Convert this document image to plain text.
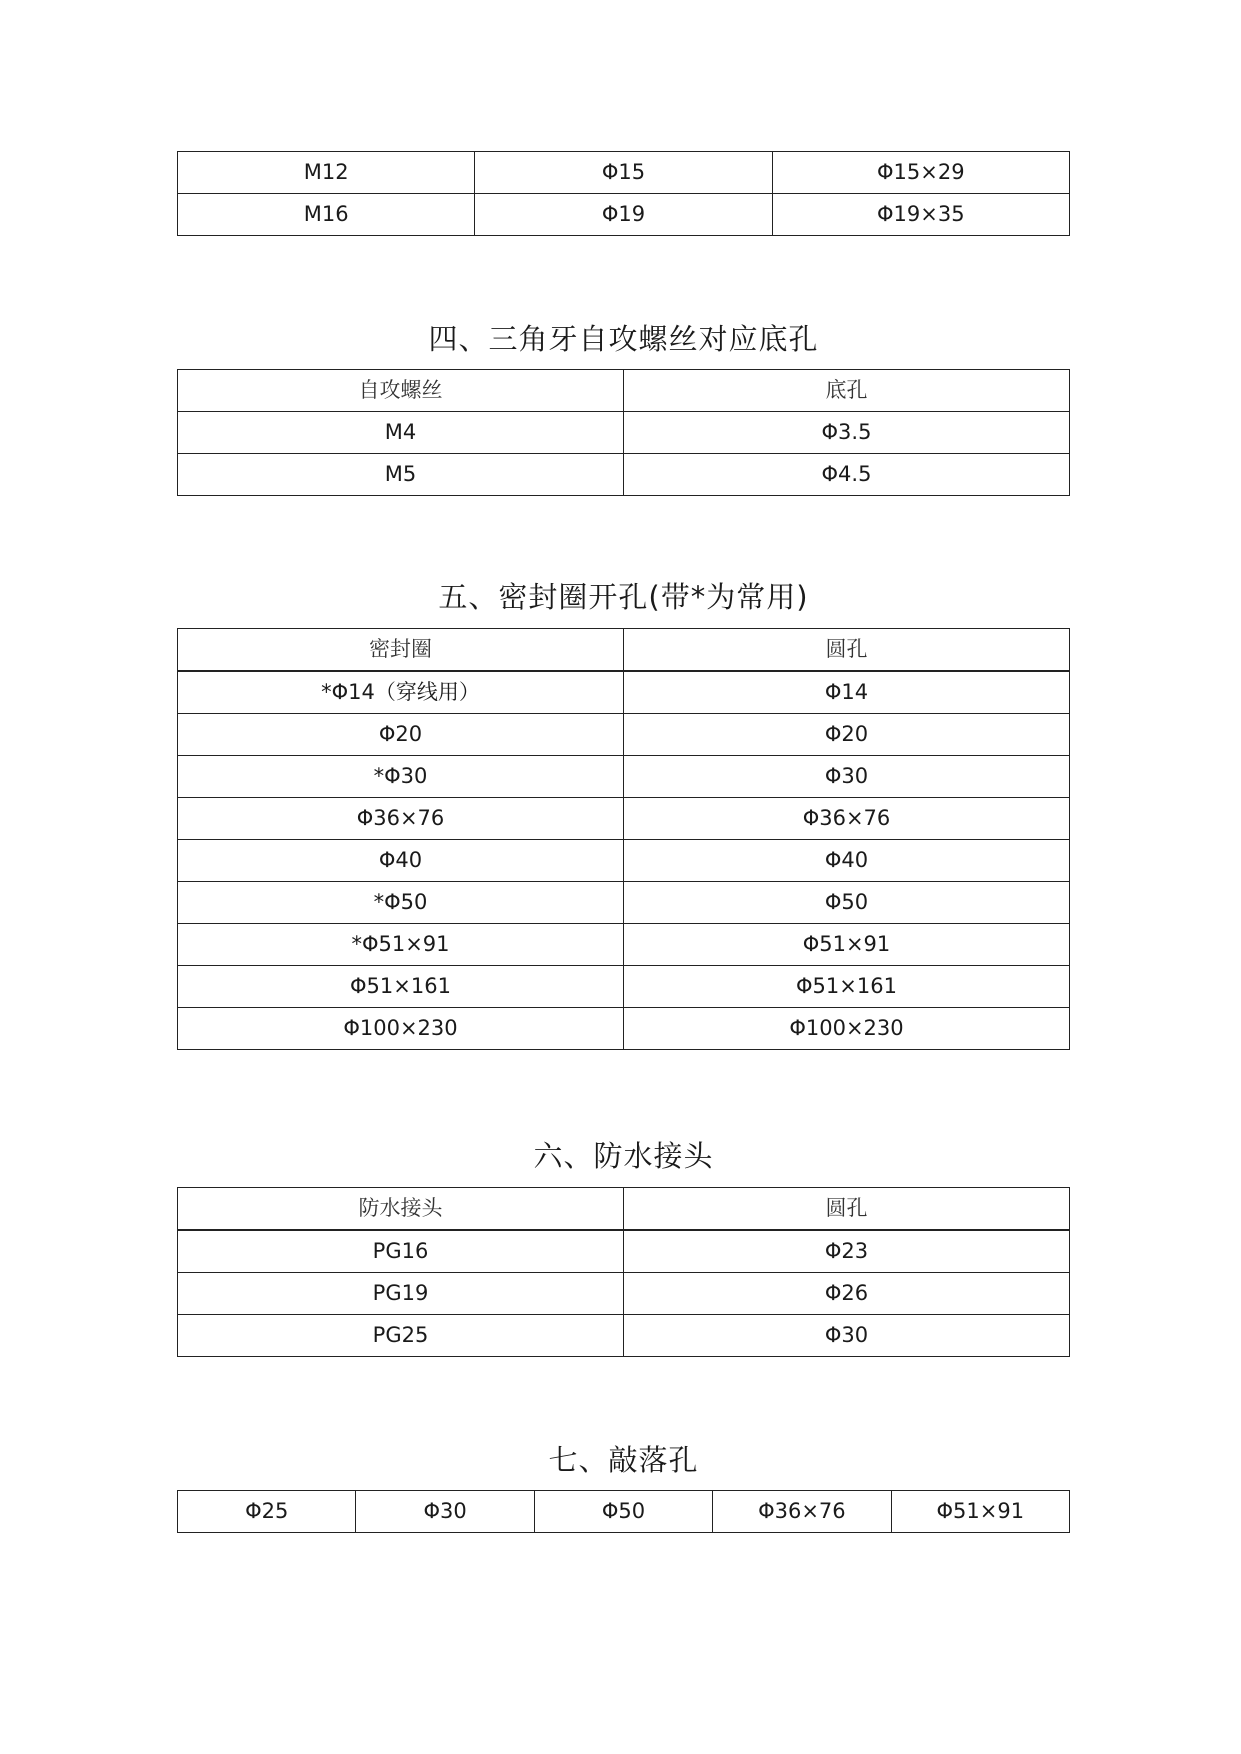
M12	Φ15	Φ15×29
M16	Φ19	Φ19×35
四、三角牙自攻螺丝对应底孔
自攻螺丝	底孔
M4	Φ3.5
M5	Φ4.5
五、密封圈开孔(带*为常用)
密封圈	圆孔
*Φ14（穿线用）	Φ14
Φ20	Φ20
*Φ30	Φ30
Φ36×76	Φ36×76
Φ40	Φ40
*Φ50	Φ50
*Φ51×91	Φ51×91
Φ51×161	Φ51×161
Φ100×230	Φ100×230
六、防水接头
防水接头	圆孔
PG16	Φ23
PG19	Φ26
PG25	Φ30
七、敲落孔
Φ25	Φ30	Φ50	Φ36×76	Φ51×91
